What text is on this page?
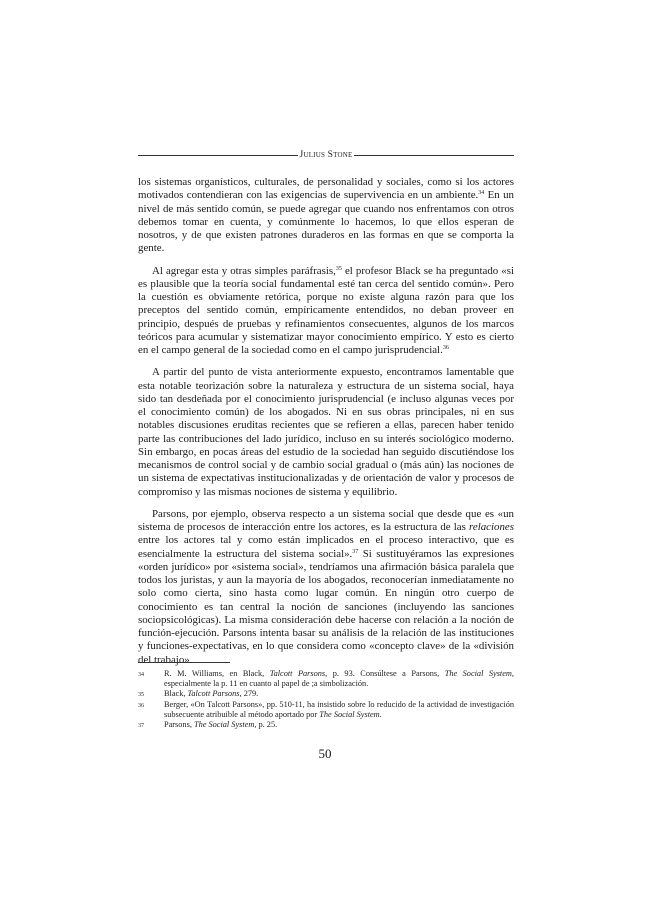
Julius Stone

los sistemas organísticos, culturales, de personalidad y sociales, como si los actores motivados contendieran con las exigencias de supervivencia en un ambiente.$^{34}$ En un nivel de más sentido común, se puede agregar que cuando nos enfrentamos con otros debemos tomar en cuenta, y comúnmente lo hacemos, lo que ellos esperan de nosotros, y de que existen patrones duraderos en las formas en que se comporta la gente.

Al agregar esta y otras simples paráfrasis,$^{35}$ el profesor Black se ha preguntado «si es plausible que la teoría social fundamental esté tan cerca del sentido común». Pero la cuestión es obviamente retórica, porque no existe alguna razón para que los preceptos del sentido común, empíricamente entendidos, no deban proveer en principio, después de pruebas y refinamientos consecuentes, algunos de los marcos teóricos para acumular y sistematizar mayor conocimiento empírico. Y esto es cierto en el campo general de la sociedad como en el campo jurisprudencial.$^{36}$

A partir del punto de vista anteriormente expuesto, encontramos lamentable que esta notable teorización sobre la naturaleza y estructura de un sistema social, haya sido tan desdeñada por el conocimiento jurisprudencial (e incluso algunas veces por el conocimiento común) de los abogados. Ni en sus obras principales, ni en sus notables discusiones eruditas recientes que se refieren a ellas, parecen haber tenido parte las contribuciones del lado jurídico, incluso en su interés sociológico moderno. Sin embargo, en pocas áreas del estudio de la sociedad han seguido discutiéndose los mecanismos de control social y de cambio social gradual o (más aún) las nociones de un sistema de expectativas institucionalizadas y de orientación de valor y procesos de compromiso y las mismas nociones de sistema y equilibrio.

Parsons, por ejemplo, observa respecto a un sistema social que desde que es «un sistema de procesos de interacción entre los actores, es la estructura de las relaciones entre los actores tal y como están implicados en el proceso interactivo, que es esencialmente la estructura del sistema social».$^{37}$ Si sustituyéramos las expresiones «orden jurídico» por «sistema social», tendríamos una afirmación básica paralela que todos los juristas, y aun la mayoría de los abogados, reconocerían inmediatamente no solo como cierta, sino hasta como lugar común. En ningún otro cuerpo de conocimiento es tan central la noción de sanciones (incluyendo las sanciones sociopsicológicas). La misma consideración debe hacerse con relación a la noción de función-ejecución. Parsons intenta basar su análisis de la relación de las instituciones y funciones-expectativas, en lo que considera como «concepto clave» de la «división del trabajo»

34	R. M. Williams, en Black, Talcott Parsons, p. 93. Consúltese a Parsons, The Social System, especialmente la p. 11 en cuanto al papel de ;a simbolización.
35	Black, Talcott Parsons, 279.
36	Berger, «On Talcott Parsons», pp. 510-11, ha insistido sobre lo reducido de la actividad de investigación subsecuente atribuible al método aportado por The Social System.
37	Parsons, The Social System, p. 25.
50
